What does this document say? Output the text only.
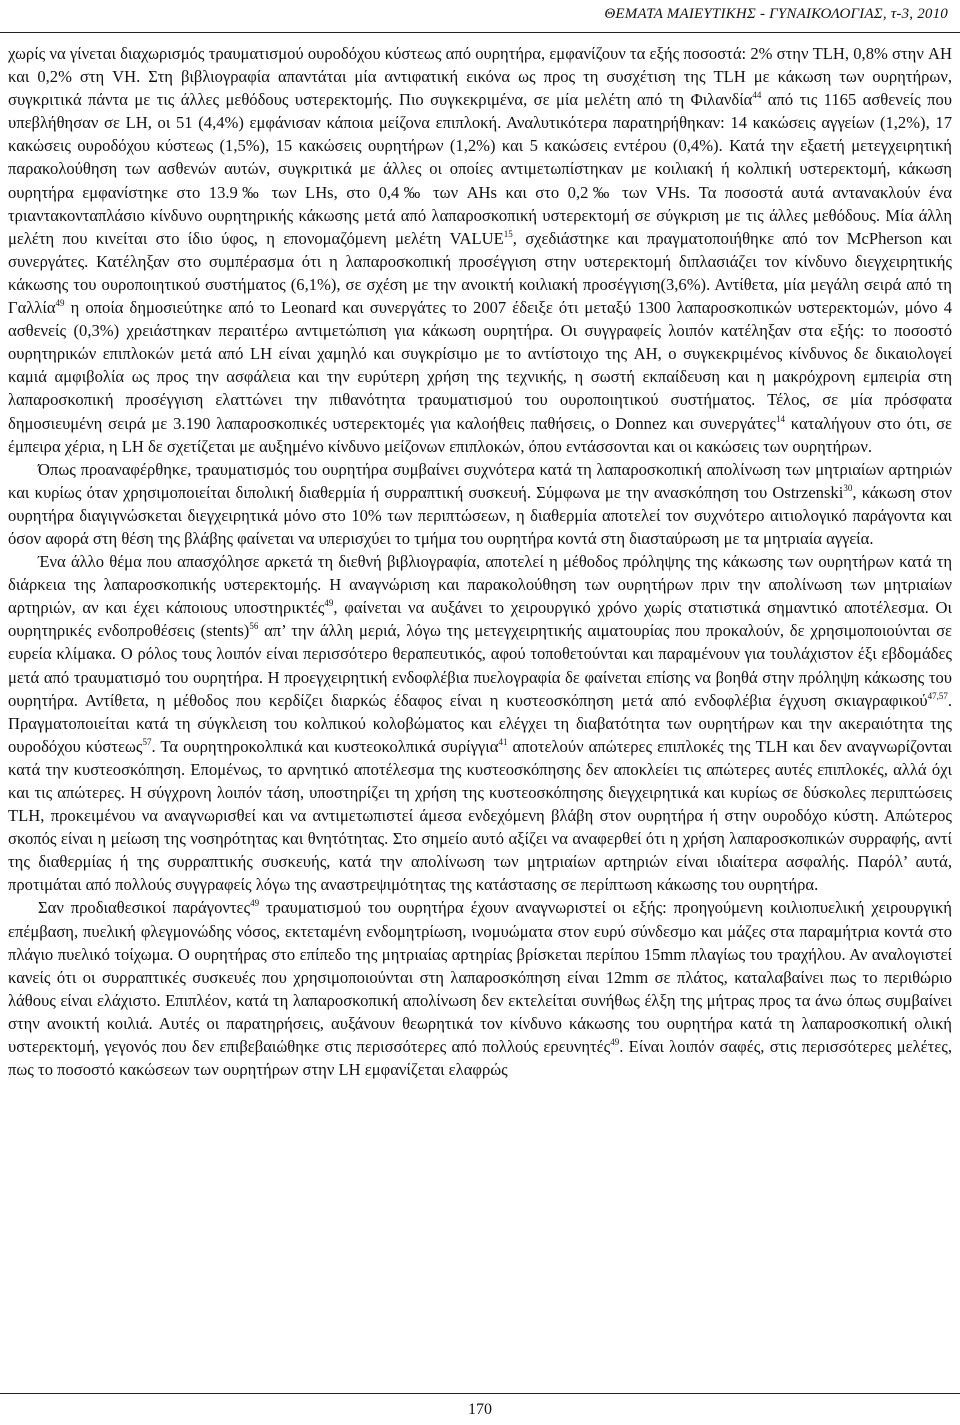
ΘΕΜΑΤΑ ΜΑΙΕΥΤΙΚΗΣ - ΓΥΝΑΙΚΟΛΟΓΙΑΣ, τ-3, 2010

χωρίς να γίνεται διαχωρισμός τραυματισμού ουροδόχου κύστεως από ουρητήρα, εμφανίζουν τα εξής ποσοστά: 2% στην TLH, 0,8% στην AH και 0,2% στη VH. Στη βιβλιογραφία απαντάται μία αντιφατική εικόνα ως προς τη συσχέτιση της TLH με κάκωση των ουρητήρων, συγκριτικά πάντα με τις άλλες μεθόδους υστερεκτομής. Πιο συγκεκριμένα, σε μία μελέτη από τη Φιλανδία$^{44}$ από τις 1165 ασθενείς που υπεβλήθησαν σε LH, οι 51 (4,4%) εμφάνισαν κάποια μείζονα επιπλοκή. Αναλυτικότερα παρατηρήθηκαν: 14 κακώσεις αγγείων (1,2%), 17 κακώσεις ουροδόχου κύστεως (1,5%), 15 κακώσεις ουρητήρων (1,2%) και 5 κακώσεις εντέρου (0,4%). Κατά την εξαετή μετεγχειρητική παρακολούθηση των ασθενών αυτών, συγκριτικά με άλλες οι οποίες αντιμετωπίστηκαν με κοιλιακή ή κολπική υστερεκτομή, κάκωση ουρητήρα εμφανίστηκε στο 13.9‰ των LHs, στο 0,4‰ των AHs και στο 0,2‰ των VHs. Τα ποσοστά αυτά αντανακλούν ένα τριαντακονταπλάσιο κίνδυνο ουρητηρικής κάκωσης μετά από λαπαροσκοπική υστερεκτομή σε σύγκριση με τις άλλες μεθόδους. Μία άλλη μελέτη που κινείται στο ίδιο ύφος, η επονομαζόμενη μελέτη VALUE$^{15}$, σχεδιάστηκε και πραγματοποιήθηκε από τον McPherson και συνεργάτες. Κατέληξαν στο συμπέρασμα ότι η λαπαροσκοπική προσέγγιση στην υστερεκτομή διπλασιάζει τον κίνδυνο διεγχειρητικής κάκωσης του ουροποιητικού συστήματος (6,1%), σε σχέση με την ανοικτή κοιλιακή προσέγγιση(3,6%). Αντίθετα, μία μεγάλη σειρά από τη Γαλλία$^{49}$ η οποία δημοσιεύτηκε από το Leonard και συνεργάτες το 2007 έδειξε ότι μεταξύ 1300 λαπαροσκοπικών υστερεκτομών, μόνο 4 ασθενείς (0,3%) χρειάστηκαν περαιτέρω αντιμετώπιση για κάκωση ουρητήρα. Οι συγγραφείς λοιπόν κατέληξαν στα εξής: το ποσοστό ουρητηρικών επιπλοκών μετά από LH είναι χαμηλό και συγκρίσιμο με το αντίστοιχο της AH, ο συγκεκριμένος κίνδυνος δε δικαιολογεί καμιά αμφιβολία ως προς την ασφάλεια και την ευρύτερη χρήση της τεχνικής, η σωστή εκπαίδευση και η μακρόχρονη εμπειρία στη λαπαροσκοπική προσέγγιση ελαττώνει την πιθανότητα τραυματισμού του ουροποιητικού συστήματος. Τέλος, σε μία πρόσφατα δημοσιευμένη σειρά με 3.190 λαπαροσκοπικές υστερεκτομές για καλοήθεις παθήσεις, ο Donnez και συνεργάτες$^{14}$ καταλήγουν στο ότι, σε έμπειρα χέρια, η LH δε σχετίζεται με αυξημένο κίνδυνο μείζονων επιπλοκών, όπου εντάσσονται και οι κακώσεις των ουρητήρων.

Όπως προαναφέρθηκε, τραυματισμός του ουρητήρα συμβαίνει συχνότερα κατά τη λαπαροσκοπική απολίνωση των μητριαίων αρτηριών και κυρίως όταν χρησιμοποιείται διπολική διαθερμία ή συρραπτική συσκευή. Σύμφωνα με την ανασκόπηση του Ostrzenski$^{30}$, κάκωση στον ουρητήρα διαγιγνώσκεται διεγχειρητικά μόνο στο 10% των περιπτώσεων, η διαθερμία αποτελεί τον συχνότερο αιτιολογικό παράγοντα και όσον αφορά στη θέση της βλάβης φαίνεται να υπερισχύει το τμήμα του ουρητήρα κοντά στη διασταύρωση με τα μητριαία αγγεία.

Ένα άλλο θέμα που απασχόλησε αρκετά τη διεθνή βιβλιογραφία, αποτελεί η μέθοδος πρόληψης της κάκωσης των ουρητήρων κατά τη διάρκεια της λαπαροσκοπικής υστερεκτομής. Η αναγνώριση και παρακολούθηση των ουρητήρων πριν την απολίνωση των μητριαίων αρτηριών, αν και έχει κάποιους υποστηρικτές$^{49}$, φαίνεται να αυξάνει το χειρουργικό χρόνο χωρίς στατιστικά σημαντικό αποτέλεσμα. Οι ουρητηρικές ενδοπροθέσεις (stents)$^{56}$ απ’ την άλλη μεριά, λόγω της μετεγχειρητικής αιματουρίας που προκαλούν, δε χρησιμοποιούνται σε ευρεία κλίμακα. Ο ρόλος τους λοιπόν είναι περισσότερο θεραπευτικός, αφού τοποθετούνται και παραμένουν για τουλάχιστον έξι εβδομάδες μετά από τραυματισμό του ουρητήρα. Η προεγχειρητική ενδοφλέβια πυελογραφία δε φαίνεται επίσης να βοηθά στην πρόληψη κάκωσης του ουρητήρα. Αντίθετα, η μέθοδος που κερδίζει διαρκώς έδαφος είναι η κυστεοσκόπηση μετά από ενδοφλέβια έγχυση σκιαγραφικού$^{47,57}$. Πραγματοποιείται κατά τη σύγκλειση του κολπικού κολοβώματος και ελέγχει τη διαβατότητα των ουρητήρων και την ακεραιότητα της ουροδόχου κύστεως$^{57}$. Τα ουρητηροκολπικά και κυστεοκολπικά συρίγγια$^{41}$ αποτελούν απώτερες επιπλοκές της TLH και δεν αναγνωρίζονται κατά την κυστεοσκόπηση. Επομένως, το αρνητικό αποτέλεσμα της κυστεοσκόπησης δεν αποκλείει τις απώτερες αυτές επιπλοκές, αλλά όχι και τις απώτερες. Η σύγχρονη λοιπόν τάση, υποστηρίζει τη χρήση της κυστεοσκόπησης διεγχειρητικά και κυρίως σε δύσκολες περιπτώσεις TLH, προκειμένου να αναγνωρισθεί και να αντιμετωπιστεί άμεσα ενδεχόμενη βλάβη στον ουρητήρα ή στην ουροδόχο κύστη. Απώτερος σκοπός είναι η μείωση της νοσηρότητας και θνητότητας. Στο σημείο αυτό αξίζει να αναφερθεί ότι η χρήση λαπαροσκοπικών συρραφής, αντί της διαθερμίας ή της συρραπτικής συσκευής, κατά την απολίνωση των μητριαίων αρτηριών είναι ιδιαίτερα ασφαλής. Παρόλ’ αυτά, προτιμάται από πολλούς συγγραφείς λόγω της αναστρεψιμότητας της κατάστασης σε περίπτωση κάκωσης του ουρητήρα.

Σαν προδιαθεσικοί παράγοντες$^{49}$ τραυματισμού του ουρητήρα έχουν αναγνωριστεί οι εξής: προηγούμενη κοιλιοπυελική χειρουργική επέμβαση, πυελική φλεγμονώδης νόσος, εκτεταμένη ενδομητρίωση, ινομυώματα στον ευρύ σύνδεσμο και μάζες στα παραμήτρια κοντά στο πλάγιο πυελικό τοίχωμα. Ο ουρητήρας στο επίπεδο της μητριαίας αρτηρίας βρίσκεται περίπου 15mm πλαγίως του τραχήλου. Αν αναλογιστεί κανείς ότι οι συρραπτικές συσκευές που χρησιμοποιούνται στη λαπαροσκόπηση είναι 12mm σε πλάτος, καταλαβαίνει πως το περιθώριο λάθους είναι ελάχιστο. Επιπλέον, κατά τη λαπαροσκοπική απολίνωση δεν εκτελείται συνήθως έλξη της μήτρας προς τα άνω όπως συμβαίνει στην ανοικτή κοιλιά. Αυτές οι παρατηρήσεις, αυξάνουν θεωρητικά τον κίνδυνο κάκωσης του ουρητήρα κατά τη λαπαροσκοπική ολική υστερεκτομή, γεγονός που δεν επιβεβαιώθηκε στις περισσότερες από πολλούς ερευνητές$^{49}$. Είναι λοιπόν σαφές, στις περισσότερες μελέτες, πως το ποσοστό κακώσεων των ουρητήρων στην LH εμφανίζεται ελαφρώς

170
